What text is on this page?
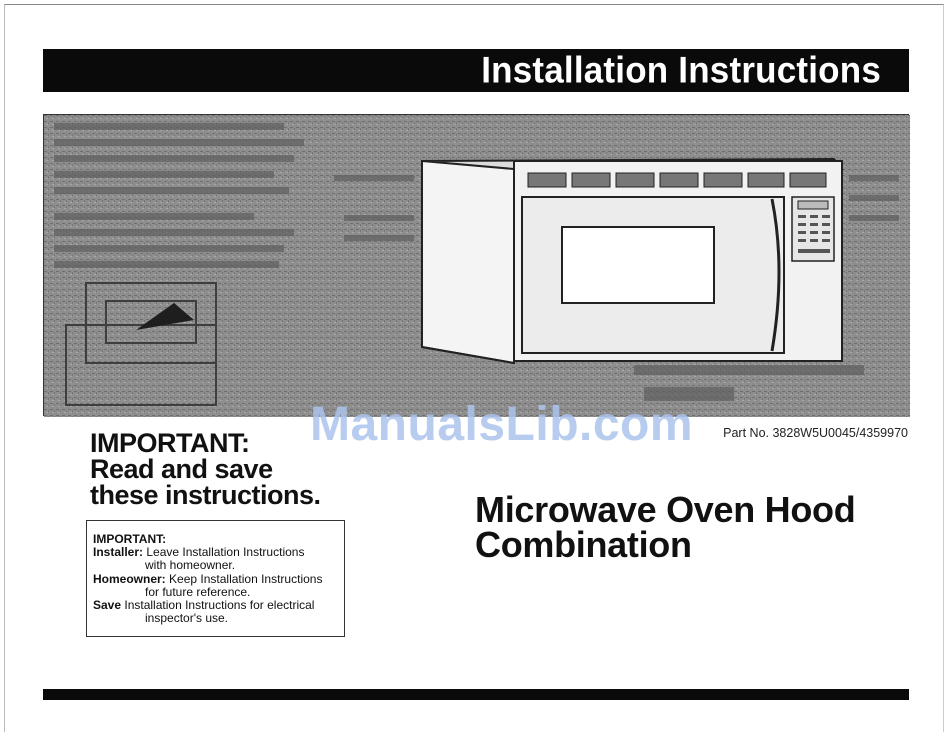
Installation Instructions
ManualsLib.com Part No. 3828W5U0045/4359970
IMPORTANT:
Read and save
these instructions.
IMPORTANT:
Installer: Leave Installation Instructions
with homeowner.
Homeowner: Keep Installation Instructions
for future reference.
Save Installation Instructions for electrical
inspector's use.
Microwave Oven Hood
Combination
